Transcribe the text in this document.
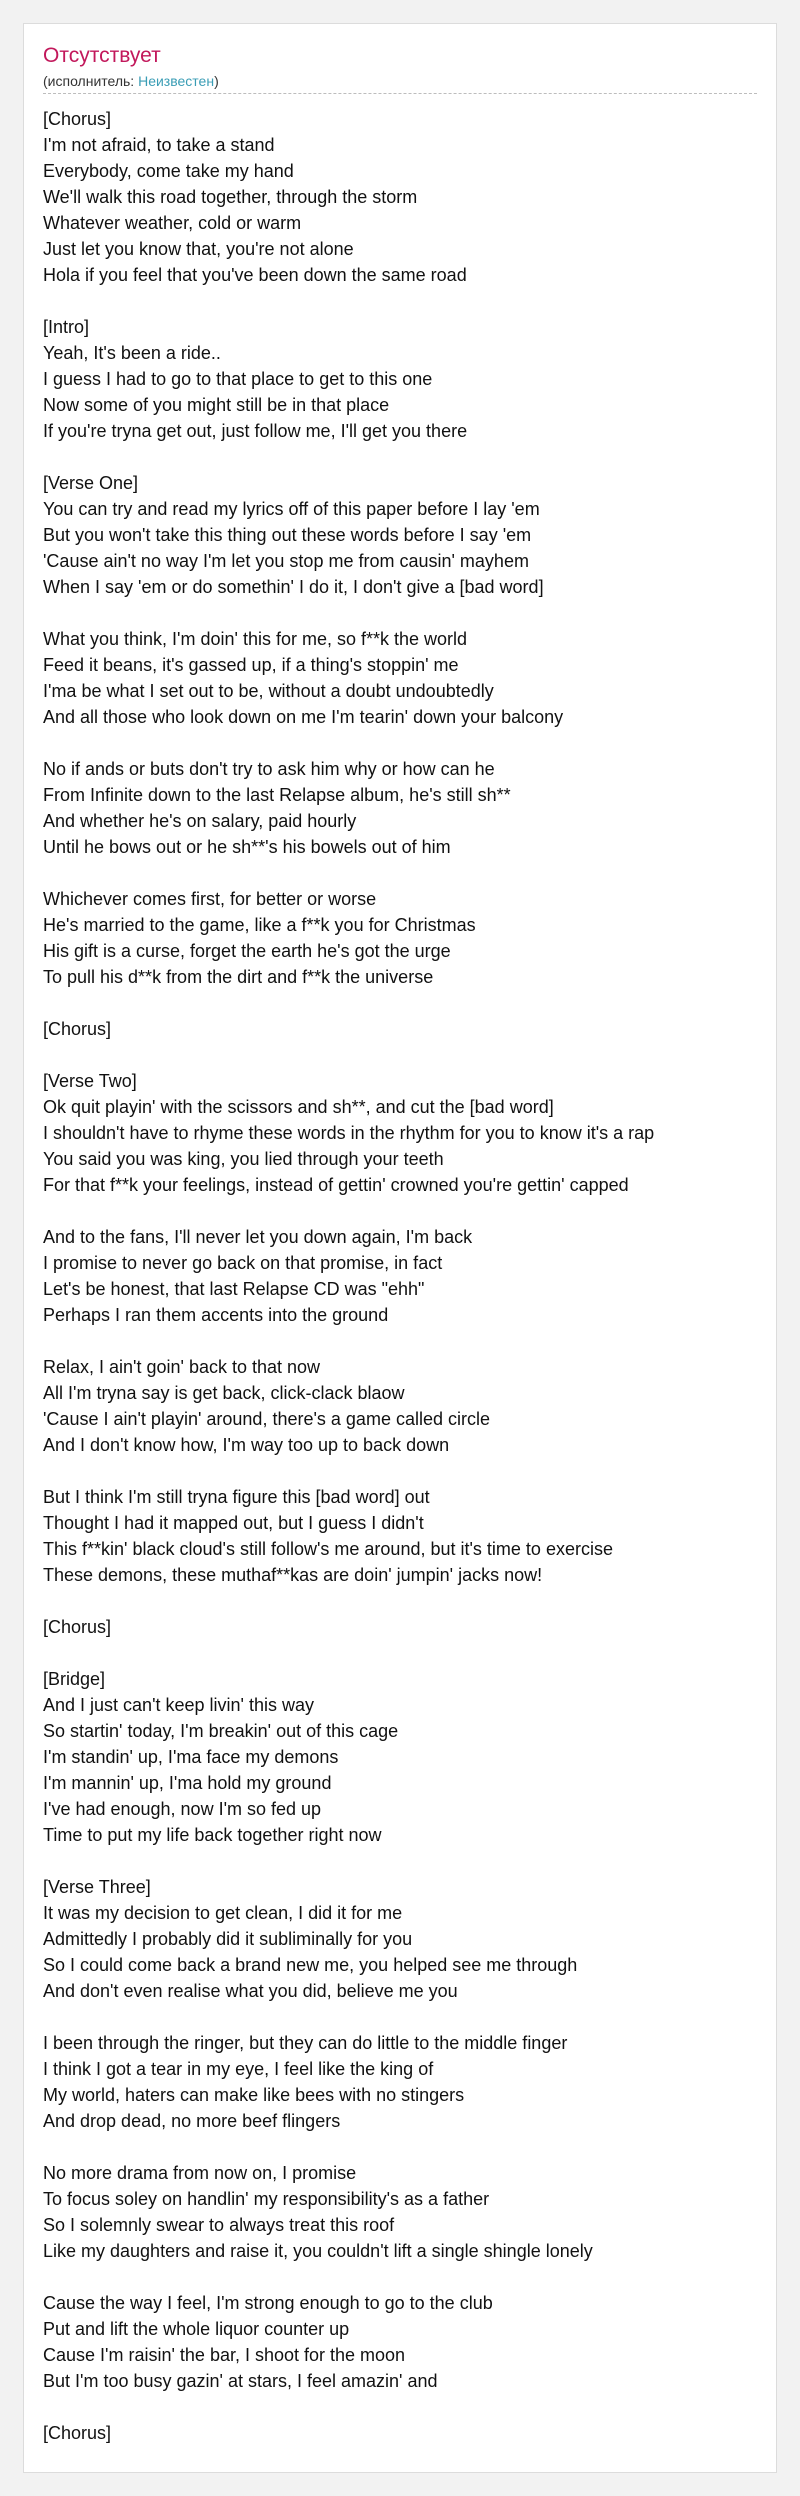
Отсутствует
(исполнитель: Неизвестен)
[Chorus]
I'm not afraid, to take a stand
Everybody, come take my hand
We'll walk this road together, through the storm
Whatever weather, cold or warm
Just let you know that, you're not alone
Hola if you feel that you've been down the same road
[Intro]
Yeah, It's been a ride..
I guess I had to go to that place to get to this one
Now some of you might still be in that place
If you're tryna get out, just follow me, I'll get you there
[Verse One]
You can try and read my lyrics off of this paper before I lay 'em
But you won't take this thing out these words before I say 'em
'Cause ain't no way I'm let you stop me from causin' mayhem
When I say 'em or do somethin' I do it, I don't give a [bad word]
What you think, I'm doin' this for me, so f**k the world
Feed it beans, it's gassed up, if a thing's stoppin' me
I'ma be what I set out to be, without a doubt undoubtedly
And all those who look down on me I'm tearin' down your balcony
No if ands or buts don't try to ask him why or how can he
From Infinite down to the last Relapse album, he's still sh**
And whether he's on salary, paid hourly
Until he bows out or he sh**'s his bowels out of him
Whichever comes first, for better or worse
He's married to the game, like a f**k you for Christmas
His gift is a curse, forget the earth he's got the urge
To pull his d**k from the dirt and f**k the universe
[Chorus]
[Verse Two]
Ok quit playin' with the scissors and sh**, and cut the [bad word]
I shouldn't have to rhyme these words in the rhythm for you to know it's a rap
You said you was king, you lied through your teeth
For that f**k your feelings, instead of gettin' crowned you're gettin' capped
And to the fans, I'll never let you down again, I'm back
I promise to never go back on that promise, in fact
Let's be honest, that last Relapse CD was "ehh"
Perhaps I ran them accents into the ground
Relax, I ain't goin' back to that now
All I'm tryna say is get back, click-clack blaow
'Cause I ain't playin' around, there's a game called circle
And I don't know how, I'm way too up to back down
But I think I'm still tryna figure this [bad word] out
Thought I had it mapped out, but I guess I didn't
This f**kin' black cloud's still follow's me around, but it's time to exercise
These demons, these muthaf**kas are doin' jumpin' jacks now!
[Chorus]
[Bridge]
And I just can't keep livin' this way
So startin' today, I'm breakin' out of this cage
I'm standin' up, I'ma face my demons
I'm mannin' up, I'ma hold my ground
I've had enough, now I'm so fed up
Time to put my life back together right now
[Verse Three]
It was my decision to get clean, I did it for me
Admittedly I probably did it subliminally for you
So I could come back a brand new me, you helped see me through
And don't even realise what you did, believe me you
I been through the ringer, but they can do little to the middle finger
I think I got a tear in my eye, I feel like the king of
My world, haters can make like bees with no stingers
And drop dead, no more beef flingers
No more drama from now on, I promise
To focus soley on handlin' my responsibility's as a father
So I solemnly swear to always treat this roof
Like my daughters and raise it, you couldn't lift a single shingle lonely
Cause the way I feel, I'm strong enough to go to the club
Put and lift the whole liquor counter up
Cause I'm raisin' the bar, I shoot for the moon
But I'm too busy gazin' at stars, I feel amazin' and
[Chorus]
